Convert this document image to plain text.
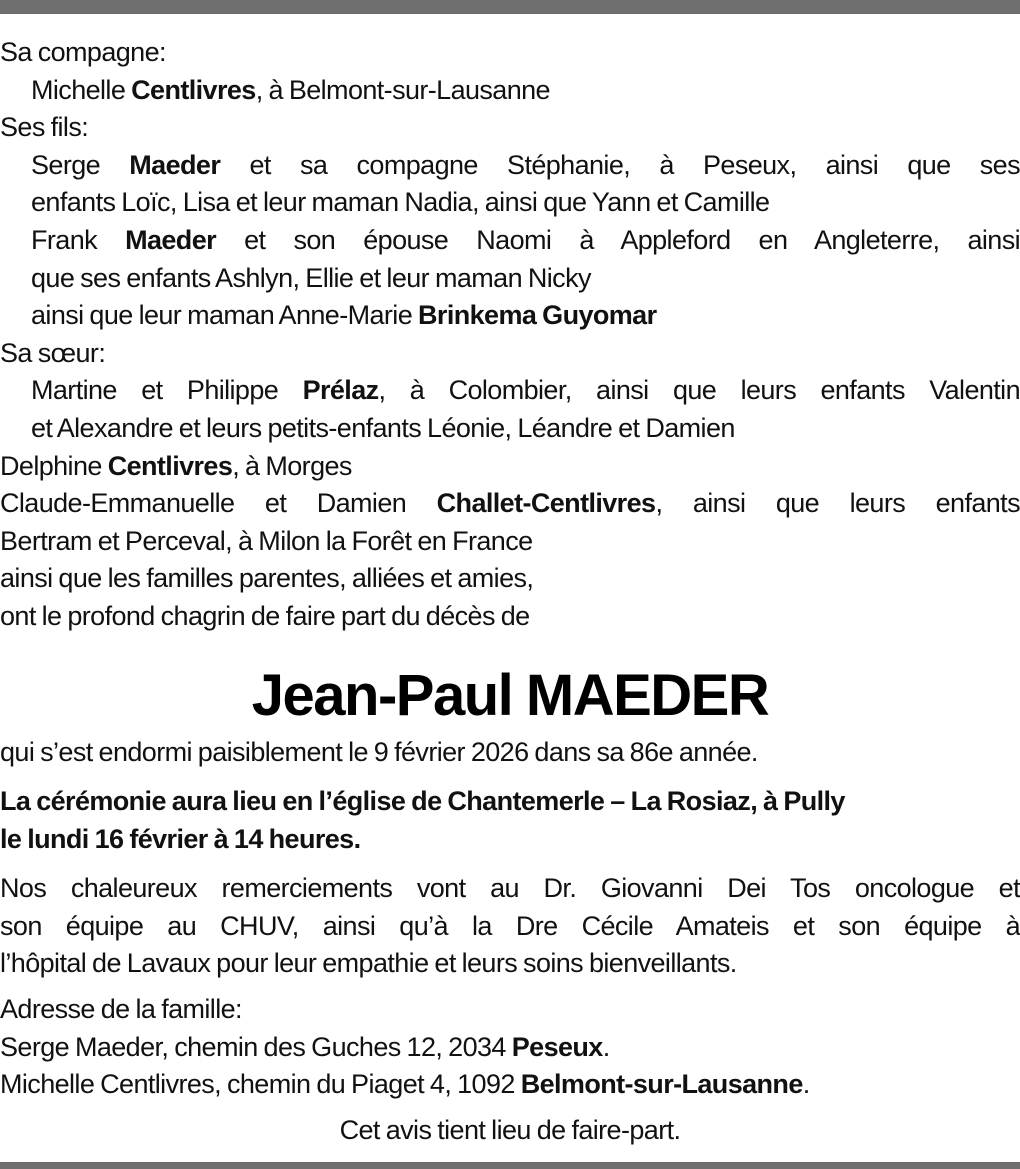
Sa compagne:
Michelle Centlivres, à Belmont-sur-Lausanne
Ses fils:
Serge Maeder et sa compagne Stéphanie, à Peseux, ainsi que ses
enfants Loïc, Lisa et leur maman Nadia, ainsi que Yann et Camille
Frank Maeder et son épouse Naomi à Appleford en Angleterre, ainsi
que ses enfants Ashlyn, Ellie et leur maman Nicky
ainsi que leur maman Anne-Marie Brinkema Guyomar
Sa sœur:
Martine et Philippe Prélaz, à Colombier, ainsi que leurs enfants Valentin
et Alexandre et leurs petits-enfants Léonie, Léandre et Damien
Delphine Centlivres, à Morges
Claude-Emmanuelle et Damien Challet-Centlivres, ainsi que leurs enfants
Bertram et Perceval, à Milon la Forêt en France
ainsi que les familles parentes, alliées et amies,
ont le profond chagrin de faire part du décès de
Jean-Paul MAEDER
qui s’est endormi paisiblement le 9 février 2026 dans sa 86e année.
La cérémonie aura lieu en l’église de Chantemerle – La Rosiaz, à Pully
le lundi 16 février à 14 heures.
Nos chaleureux remerciements vont au Dr. Giovanni Dei Tos oncologue et
son équipe au CHUV, ainsi qu’à la Dre Cécile Amateis et son équipe à
l’hôpital de Lavaux pour leur empathie et leurs soins bienveillants.
Adresse de la famille:
Serge Maeder, chemin des Guches 12, 2034 Peseux.
Michelle Centlivres, chemin du Piaget 4, 1092 Belmont-sur-Lausanne.
Cet avis tient lieu de faire-part.
